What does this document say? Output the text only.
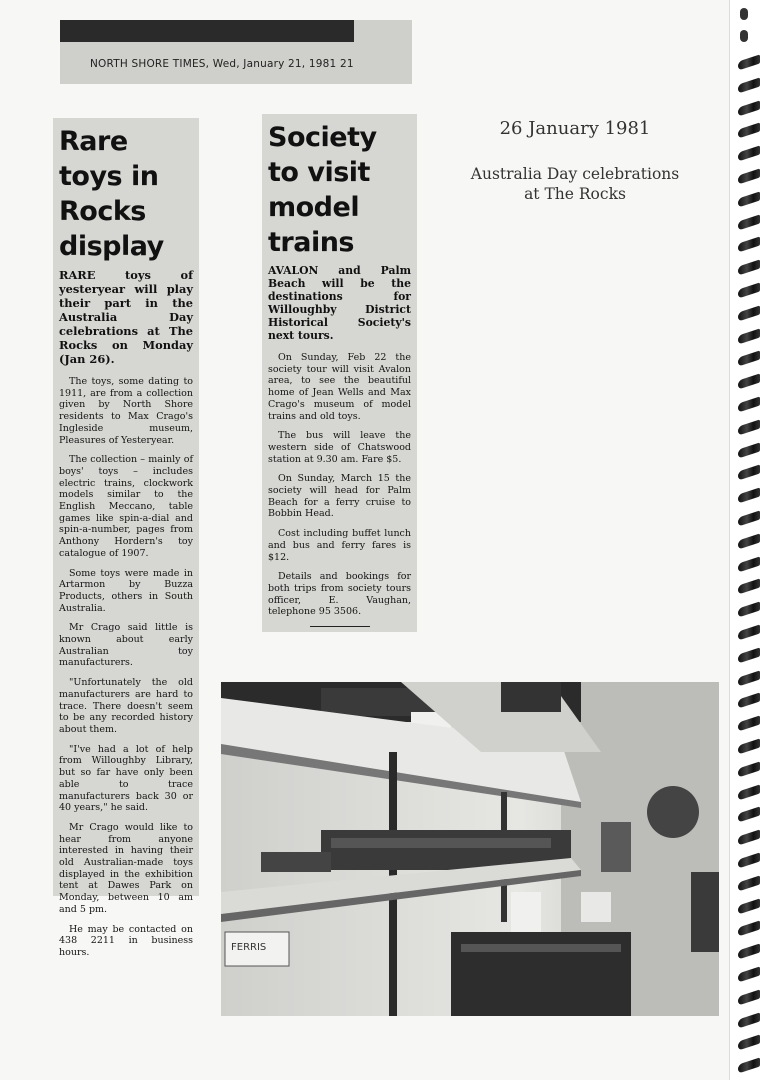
NORTH SHORE TIMES, Wed, January 21, 1981 21
Rare
toys in
Rocks
display

RARE toys of yesteryear will play their part in the Australia Day celebrations at The Rocks on Monday (Jan 26).

The toys, some dating to 1911, are from a collection given by North Shore residents to Max Crago's Ingleside museum, Pleasures of Yesteryear.

The collection – mainly of boys' toys – includes electric trains, clockwork models similar to the English Meccano, table games like spin-a-dial and spin-a-number, pages from Anthony Hordern's toy catalogue of 1907.

Some toys were made in Artarmon by Buzza Products, others in South Australia.

Mr Crago said little is known about early Australian toy manufacturers.

"Unfortunately the old manufacturers are hard to trace. There doesn't seem to be any recorded history about them.

"I've had a lot of help from Willoughby Library, but so far have only been able to trace manufacturers back 30 or 40 years," he said.

Mr Crago would like to hear from anyone interested in having their old Australian-made toys displayed in the exhibition tent at Dawes Park on Monday, between 10 am and 5 pm.

He may be contacted on 438 2211 in business hours.

Society
to visit
model
trains

AVALON and Palm Beach will be the destinations for Willoughby District Historical Society's next tours.

On Sunday, Feb 22 the society tour will visit Avalon area, to see the beautiful home of Jean Wells and Max Crago's museum of model trains and old toys.

The bus will leave the western side of Chatswood station at 9.30 am. Fare $5.

On Sunday, March 15 the society will head for Palm Beach for a ferry cruise to Bobbin Head.

Cost including buffet lunch and bus and ferry fares is $12.

Details and bookings for both trips from society tours officer, E. Vaughan, telephone 95 3506.

26 January 1981
Australia Day celebrations
at The Rocks
FERRIS
